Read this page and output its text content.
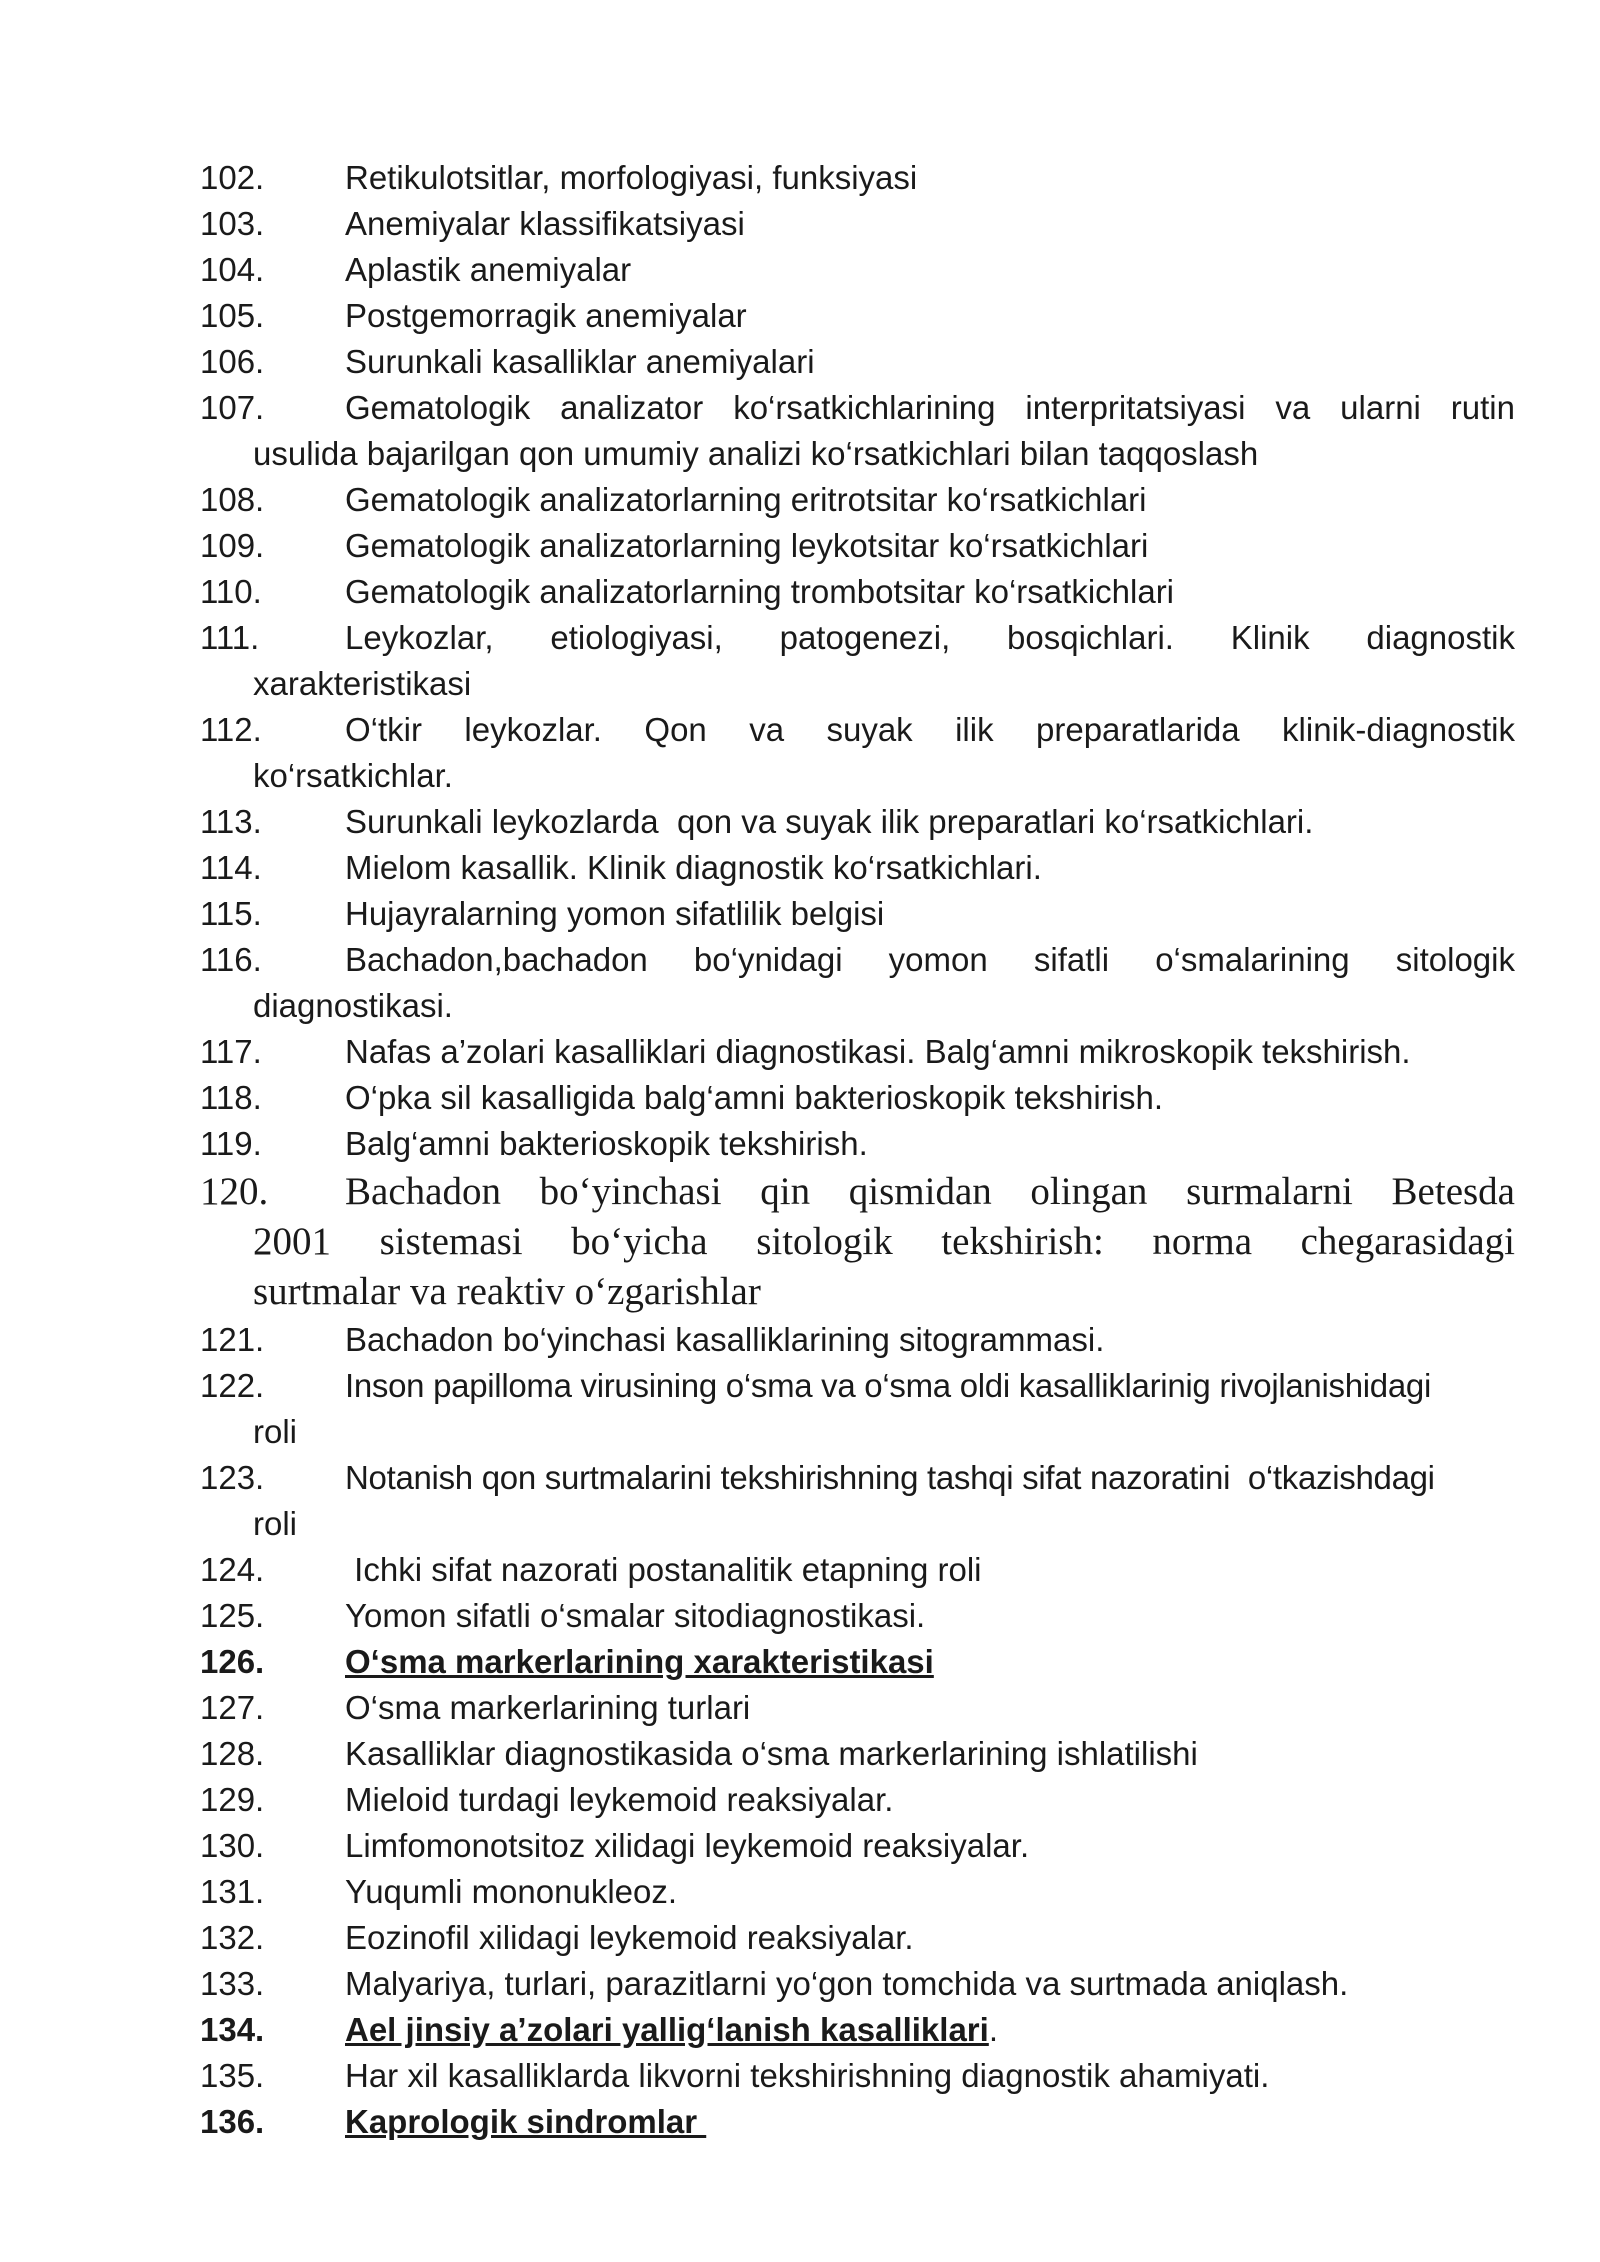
102.	Retikulotsitlar, morfologiyasi, funksiyasi
103.	Anemiyalar klassifikatsiyasi
104.	Aplastik anemiyalar
105.	Postgemorragik anemiyalar
106.	Surunkali kasalliklar anemiyalari
107.	Gematologik analizator ko‘rsatkichlarining interpritatsiyasi va ularni rutin
usulida bajarilgan qon umumiy analizi ko‘rsatkichlari bilan taqqoslash
108.	Gematologik analizatorlarning eritrotsitar ko‘rsatkichlari
109.	Gematologik analizatorlarning leykotsitar ko‘rsatkichlari
110.	Gematologik analizatorlarning trombotsitar ko‘rsatkichlari
111.	Leykozlar, etiologiyasi, patogenezi, bosqichlari. Klinik diagnostik
xarakteristikasi
112.	O‘tkir leykozlar. Qon va suyak ilik preparatlarida klinik-diagnostik
ko‘rsatkichlar.
113.	Surunkali leykozlarda  qon va suyak ilik preparatlari ko‘rsatkichlari.
114.	Mielom kasallik. Klinik diagnostik ko‘rsatkichlari.
115.	Hujayralarning yomon sifatlilik belgisi
116.	Bachadon,bachadon bo‘ynidagi yomon sifatli o‘smalarining sitologik
diagnostikasi.
117.	Nafas a’zolari kasalliklari diagnostikasi. Balg‘amni mikroskopik tekshirish.
118.	O‘pka sil kasalligida balg‘amni bakterioskopik tekshirish.
119.	Balg‘amni bakterioskopik tekshirish.
120.	Bachadon bo‘yinchasi qin qismidan olingan surmalarni Betesda
2001 sistemasi bo‘yicha sitologik tekshirish: norma chegarasidagi
surtmalar va reaktiv o‘zgarishlar
121.	Bachadon bo‘yinchasi kasalliklarining sitogrammasi.
122.	Inson papilloma virusining o‘sma va o‘sma oldi kasalliklarinig rivojlanishidagi
roli
123.	Notanish qon surtmalarini tekshirishning tashqi sifat nazoratini  o‘tkazishdagi
roli
124.	Ichki sifat nazorati postanalitik etapning roli
125.	Yomon sifatli o‘smalar sitodiagnostikasi.
126.	O‘sma markerlarining xarakteristikasi
127.	O‘sma markerlarining turlari
128.	Kasalliklar diagnostikasida o‘sma markerlarining ishlatilishi
129.	Mieloid turdagi leykemoid reaksiyalar.
130.	Limfomonotsitoz xilidagi leykemoid reaksiyalar.
131.	Yuqumli mononukleoz.
132.	Eozinofil xilidagi leykemoid reaksiyalar.
133.	Malyariya, turlari, parazitlarni yo‘gon tomchida va surtmada aniqlash.
134.	Ael jinsiy a’zolari yallig‘lanish kasalliklari.
135.	Har xil kasalliklarda likvorni tekshirishning diagnostik ahamiyati.
136.	Kaprologik sindromlar
